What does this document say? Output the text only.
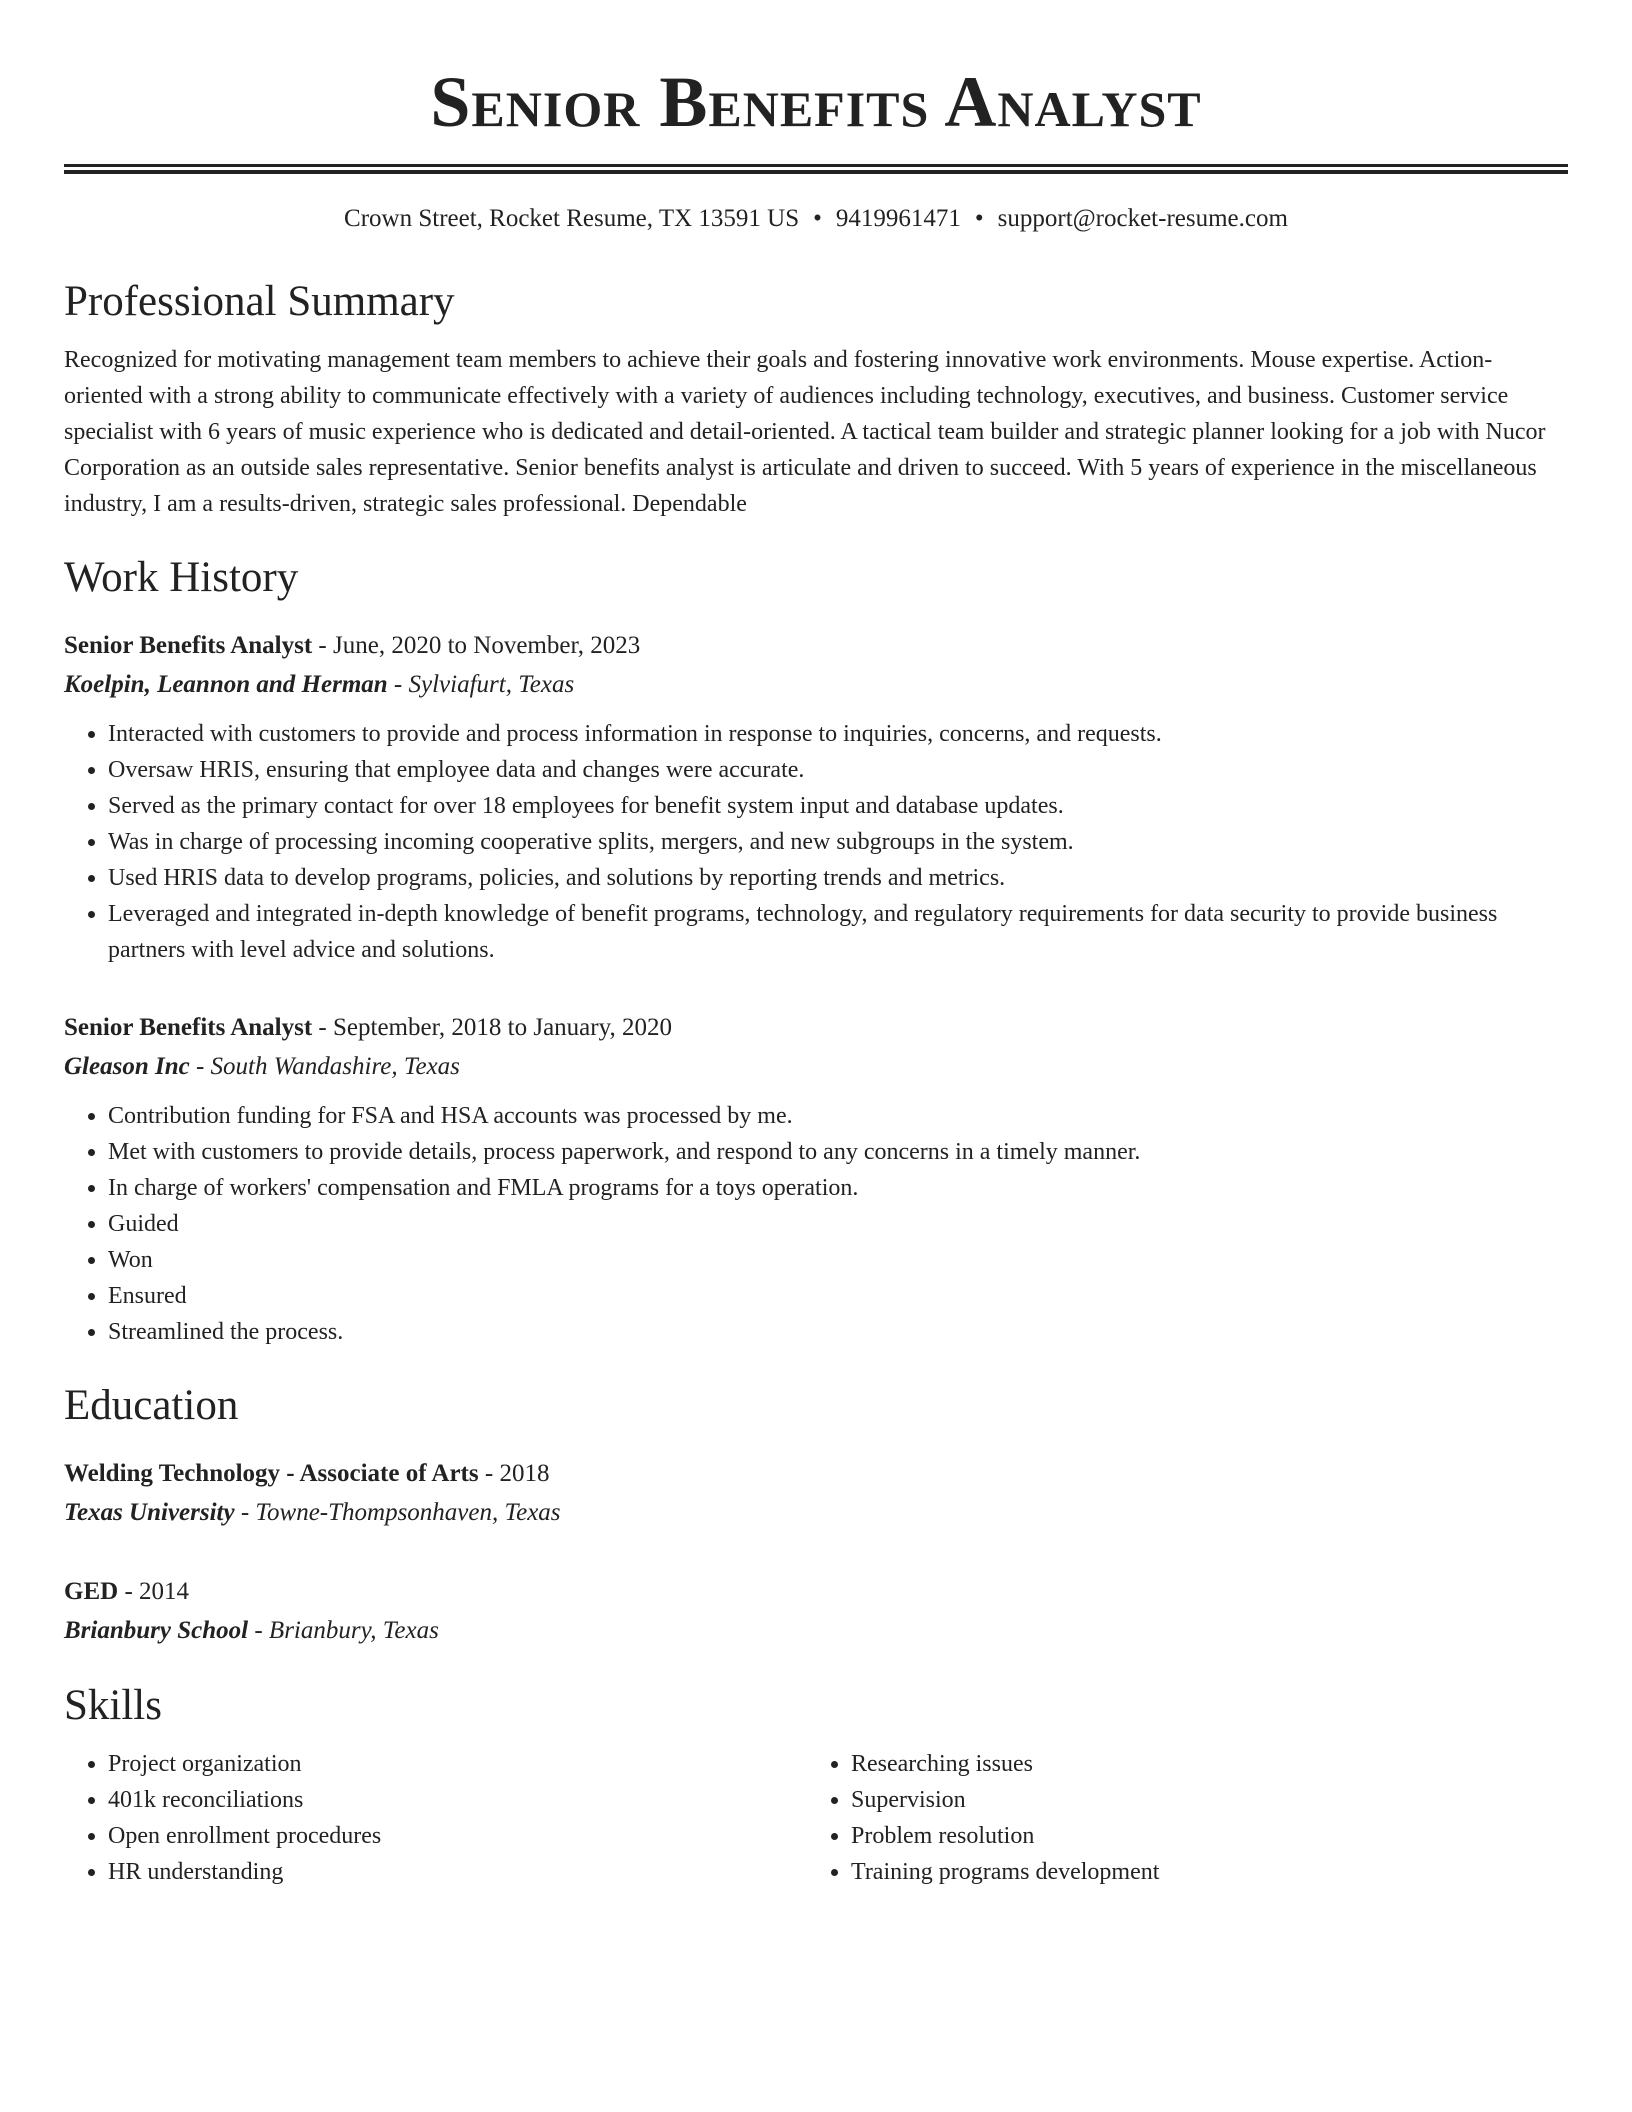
Senior Benefits Analyst
Crown Street, Rocket Resume, TX 13591 US • 9419961471 • support@rocket-resume.com
Professional Summary
Recognized for motivating management team members to achieve their goals and fostering innovative work environments. Mouse expertise. Action-oriented with a strong ability to communicate effectively with a variety of audiences including technology, executives, and business. Customer service specialist with 6 years of music experience who is dedicated and detail-oriented. A tactical team builder and strategic planner looking for a job with Nucor Corporation as an outside sales representative. Senior benefits analyst is articulate and driven to succeed. With 5 years of experience in the miscellaneous industry, I am a results-driven, strategic sales professional. Dependable
Work History
Senior Benefits Analyst - June, 2020 to November, 2023
Koelpin, Leannon and Herman - Sylviafurt, Texas
• Interacted with customers to provide and process information in response to inquiries, concerns, and requests.
• Oversaw HRIS, ensuring that employee data and changes were accurate.
• Served as the primary contact for over 18 employees for benefit system input and database updates.
• Was in charge of processing incoming cooperative splits, mergers, and new subgroups in the system.
• Used HRIS data to develop programs, policies, and solutions by reporting trends and metrics.
• Leveraged and integrated in-depth knowledge of benefit programs, technology, and regulatory requirements for data security to provide business partners with level advice and solutions.
Senior Benefits Analyst - September, 2018 to January, 2020
Gleason Inc - South Wandashire, Texas
• Contribution funding for FSA and HSA accounts was processed by me.
• Met with customers to provide details, process paperwork, and respond to any concerns in a timely manner.
• In charge of workers' compensation and FMLA programs for a toys operation.
• Guided
• Won
• Ensured
• Streamlined the process.
Education
Welding Technology - Associate of Arts - 2018
Texas University - Towne-Thompsonhaven, Texas
GED - 2014
Brianbury School - Brianbury, Texas
Skills
• Project organization
• 401k reconciliations
• Open enrollment procedures
• HR understanding
• Researching issues
• Supervision
• Problem resolution
• Training programs development
